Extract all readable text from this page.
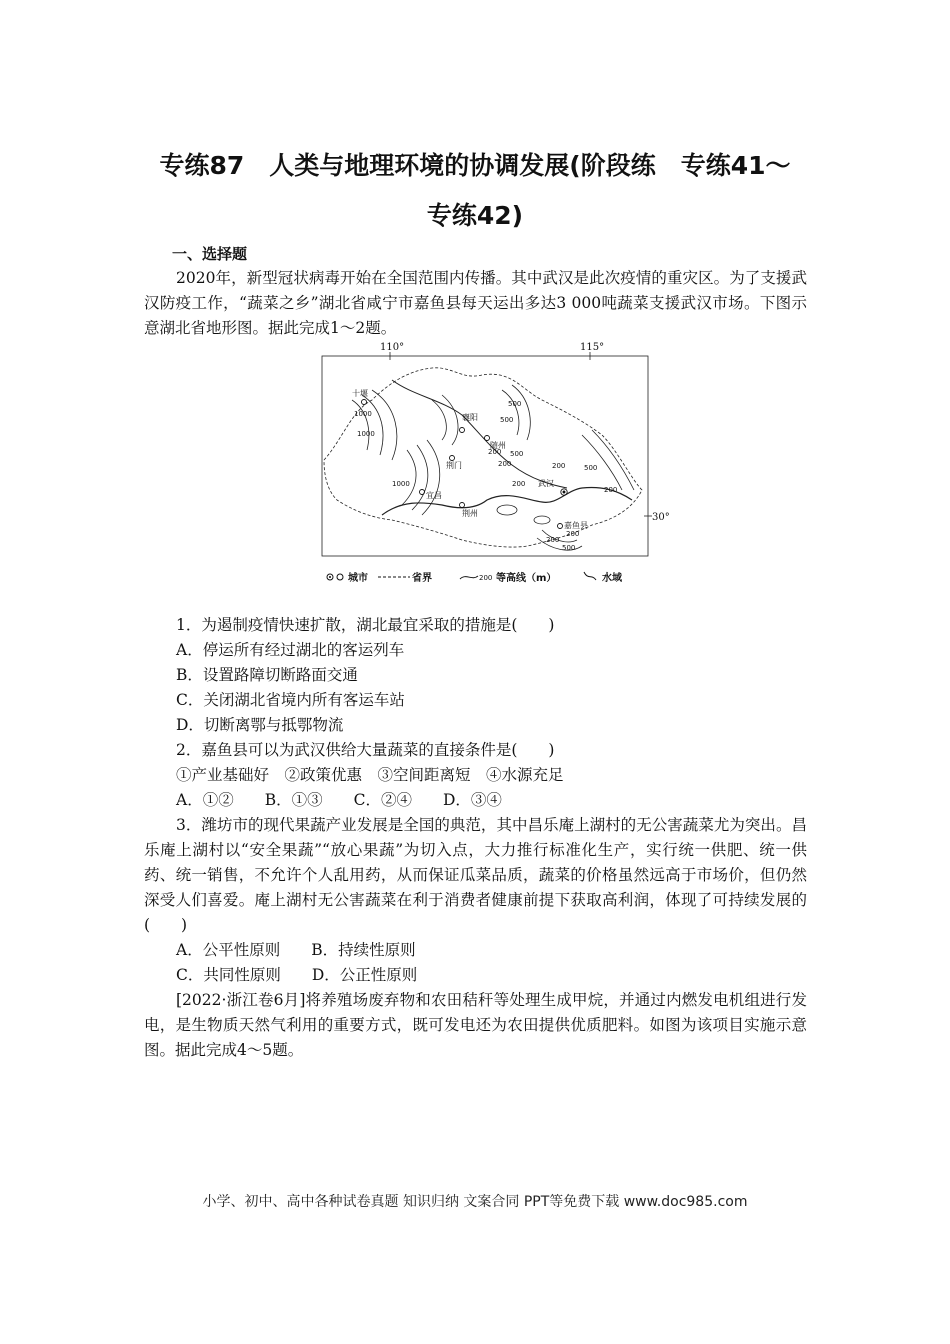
专练87　人类与地理环境的协调发展(阶段练　专练41～
专练42)
一、选择题
2020年，新型冠状病毒开始在全国范围内传播。其中武汉是此次疫情的重灾区。为了支援武汉防疫工作，“蔬菜之乡”湖北省咸宁市嘉鱼县每天运出多达3 000吨蔬菜支援武汉市场。下图示意湖北省地形图。据此完成1～2题。
110°	115°
30°
襄阳
随州
荆门
宜昌
荆州
武汉
嘉鱼县
十堰
1000
1000
1000
500
500
500
500
200
200	200
200
200
200
200
500
城市	省界	200 等高线（m）	水域
1．为遏制疫情快速扩散，湖北最宜采取的措施是(　　)
A．停运所有经过湖北的客运列车
B．设置路障切断路面交通
C．关闭湖北省境内所有客运车站
D．切断离鄂与抵鄂物流
2．嘉鱼县可以为武汉供给大量蔬菜的直接条件是(　　)
①产业基础好　②政策优惠　③空间距离短　④水源充足
A．①②　　B．①③　　C．②④　　D．③④
3．潍坊市的现代果蔬产业发展是全国的典范，其中昌乐庵上湖村的无公害蔬菜尤为突出。昌乐庵上湖村以“安全果蔬”“放心果蔬”为切入点，大力推行标准化生产，实行统一供肥、统一供药、统一销售，不允许个人乱用药，从而保证瓜菜品质，蔬菜的价格虽然远高于市场价，但仍然深受人们喜爱。庵上湖村无公害蔬菜在利于消费者健康前提下获取高利润，体现了可持续发展的(　　)
A．公平性原则　　B．持续性原则
C．共同性原则　　D．公正性原则
[2022·浙江卷6月]将养殖场废弃物和农田秸秆等处理生成甲烷，并通过内燃发电机组进行发电，是生物质天然气利用的重要方式，既可发电还为农田提供优质肥料。如图为该项目实施示意图。据此完成4～5题。
小学、初中、高中各种试卷真题 知识归纳 文案合同 PPT等免费下载 www.doc985.com
